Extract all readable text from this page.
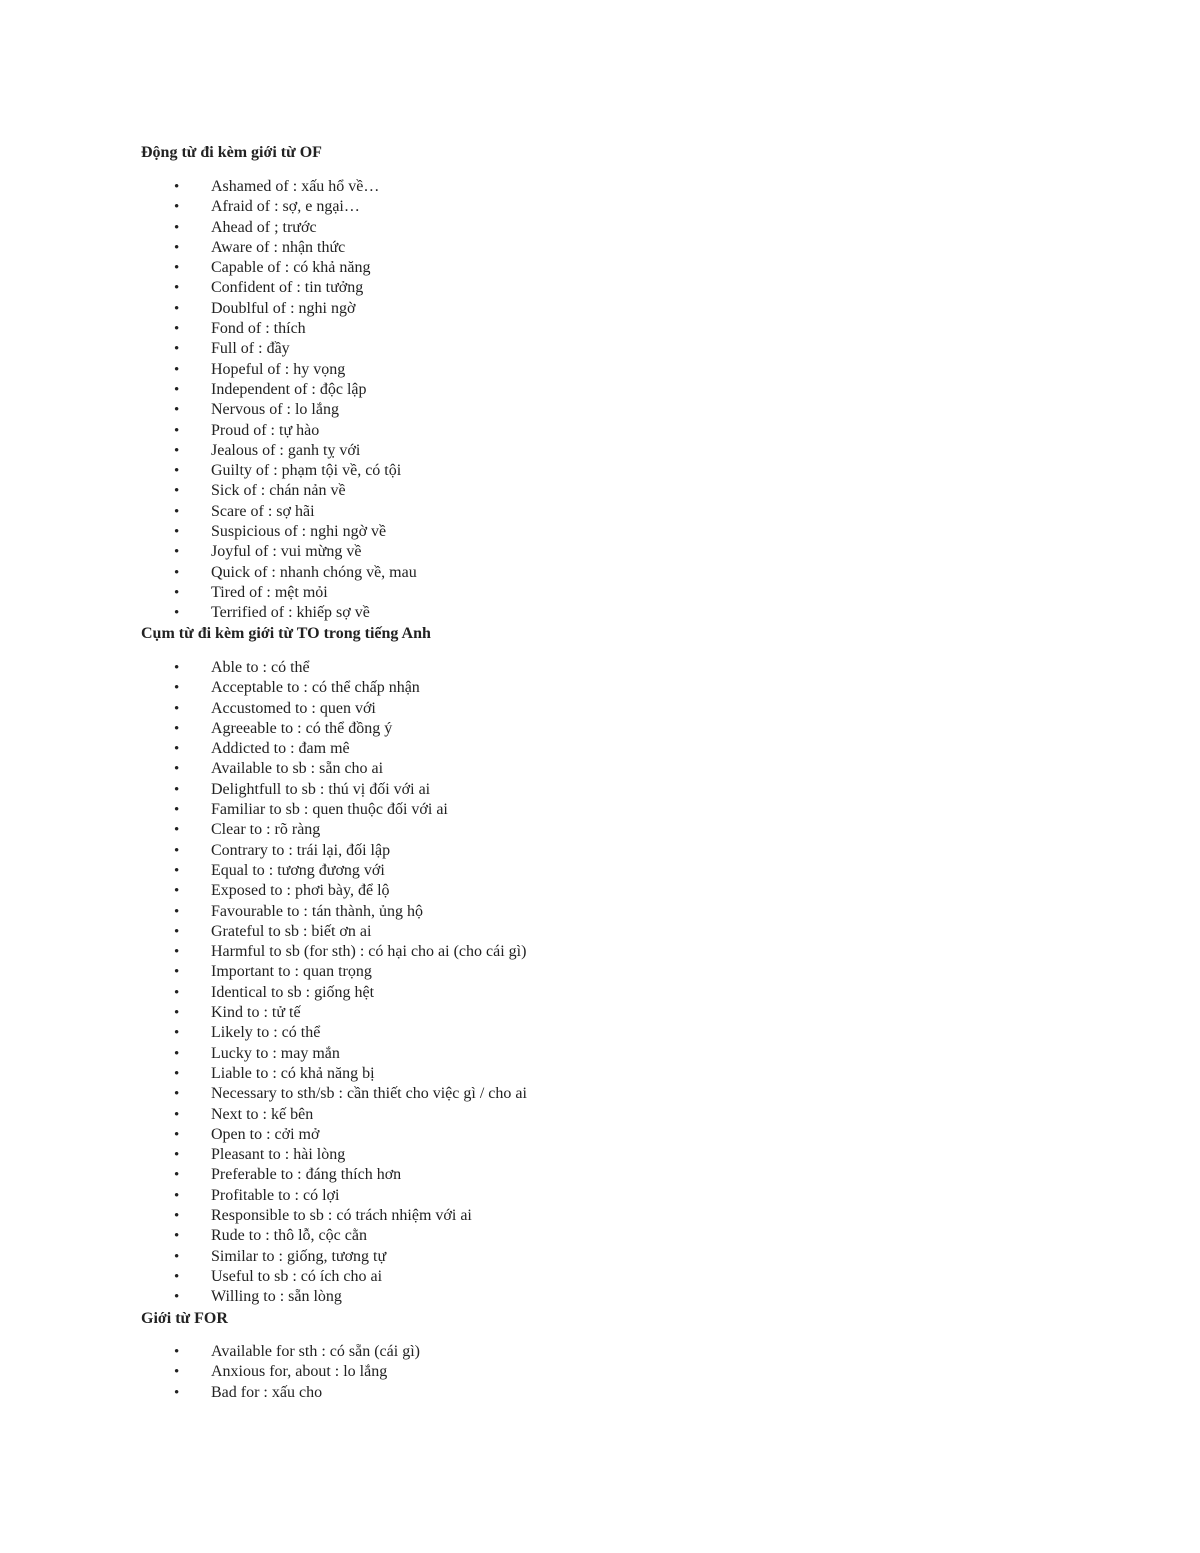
Động từ đi kèm giới từ OF
• Ashamed of : xấu hổ về…
• Afraid of : sợ, e ngại…
• Ahead of ; trước
• Aware of : nhận thức
• Capable of : có khả năng
• Confident of : tin tưởng
• Doublful of : nghi ngờ
• Fond of : thích
• Full of : đầy
• Hopeful of : hy vọng
• Independent of : độc lập
• Nervous of : lo lắng
• Proud of : tự hào
• Jealous of : ganh tỵ với
• Guilty of : phạm tội về, có tội
• Sick of : chán nản về
• Scare of : sợ hãi
• Suspicious of : nghi ngờ về
• Joyful of : vui mừng về
• Quick of : nhanh chóng về, mau
• Tired of : mệt mỏi
• Terrified of : khiếp sợ về
Cụm từ đi kèm giới từ TO trong tiếng Anh
• Able to : có thể
• Acceptable to : có thể chấp nhận
• Accustomed to : quen với
• Agreeable to : có thể đồng ý
• Addicted to : đam mê
• Available to sb : sẵn cho ai
• Delightfull to sb : thú vị đối với ai
• Familiar to sb : quen thuộc đối với ai
• Clear to : rõ ràng
• Contrary to : trái lại, đối lập
• Equal to : tương đương với
• Exposed to : phơi bày, để lộ
• Favourable to : tán thành, ủng hộ
• Grateful to sb : biết ơn ai
• Harmful to sb (for sth) : có hại cho ai (cho cái gì)
• Important to : quan trọng
• Identical to sb : giống hệt
• Kind to : tử tế
• Likely to : có thể
• Lucky to : may mắn
• Liable to : có khả năng bị
• Necessary to sth/sb : cần thiết cho việc gì / cho ai
• Next to : kế bên
• Open to : cởi mở
• Pleasant to : hài lòng
• Preferable to : đáng thích hơn
• Profitable to : có lợi
• Responsible to sb : có trách nhiệm với ai
• Rude to : thô lỗ, cộc cằn
• Similar to : giống, tương tự
• Useful to sb : có ích cho ai
• Willing to : sẵn lòng
Giới từ FOR
• Available for sth : có sẵn (cái gì)
• Anxious for, about : lo lắng
• Bad for : xấu cho
